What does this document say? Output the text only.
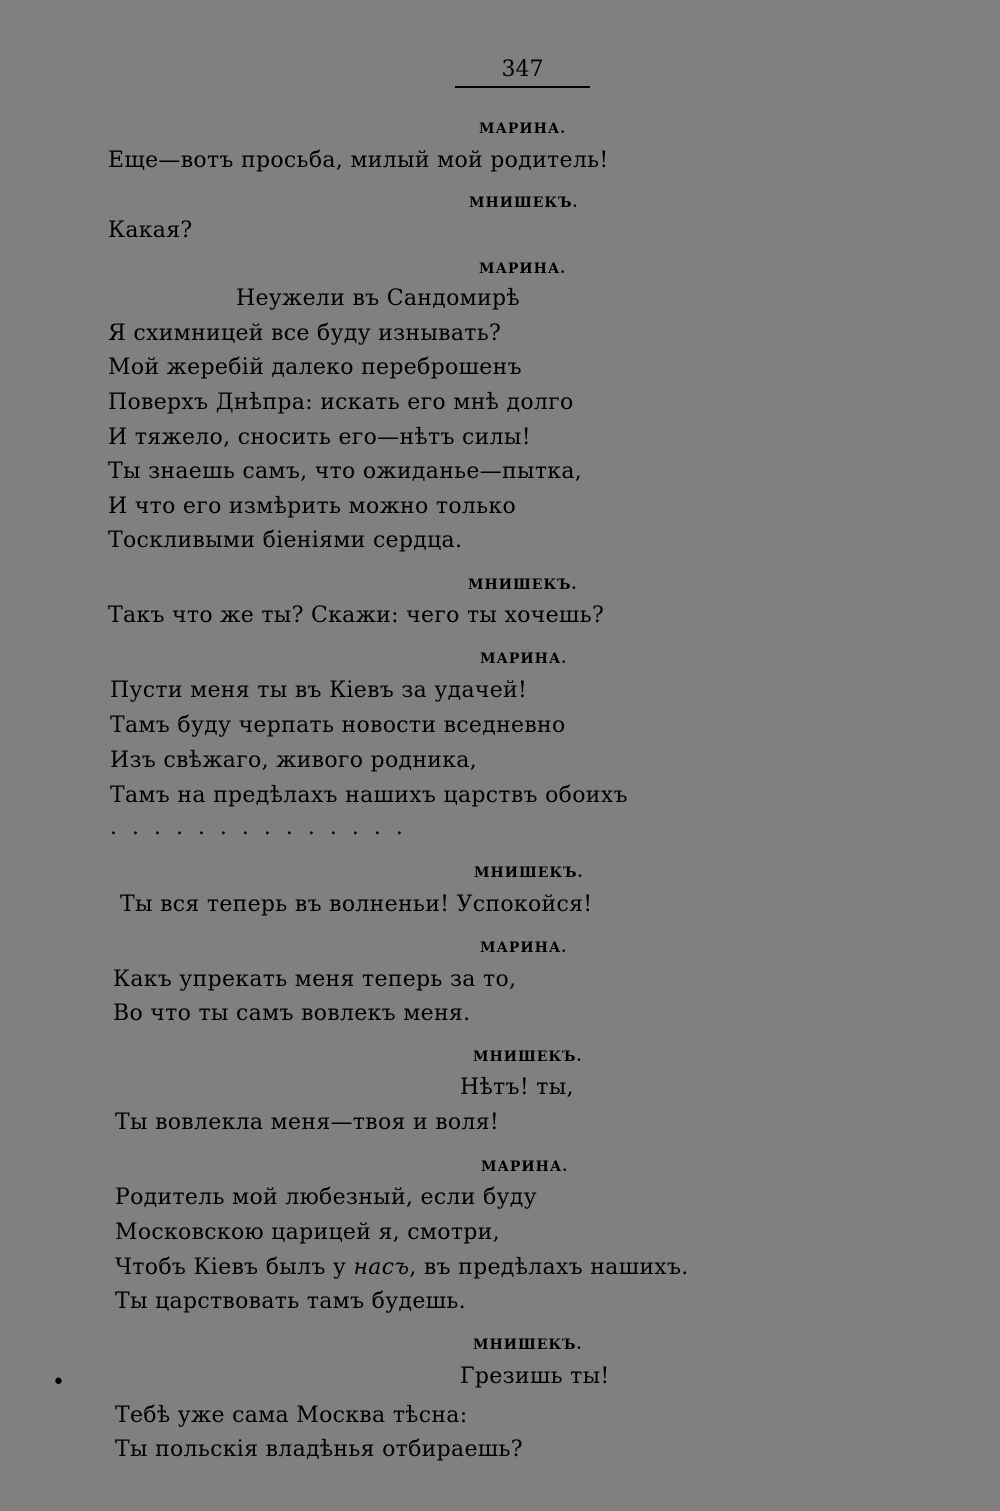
347
МАРИНА.
Еще—вотъ просьба, милый мой родитель!
МНИШЕКЪ.
Какая?
МАРИНА.
Неужели въ Сандомирѣ
Я схимницей все буду изнывать?
Мой жеребій далеко переброшенъ
Поверхъ Днѣпра: искать его мнѣ долго
И тяжело, сносить его—нѣтъ силы!
Ты знаешь самъ, что ожиданье—пытка,
И что его измѣрить можно только
Тоскливыми біеніями сердца.
МНИШЕКЪ.
Такъ что же ты? Скажи: чего ты хочешь?
МАРИНА.
Пусти меня ты въ Кіевъ за удачей!
Тамъ буду черпать новости вседневно
Изъ свѣжаго, живого родника,
Тамъ на предѣлахъ нашихъ царствъ обоихъ
. . . . . . . . . . . . . .
МНИШЕКЪ.
Ты вся теперь въ волненьи! Успокойся!
МАРИНА.
Какъ упрекать меня теперь за то,
Во что ты самъ вовлекъ меня.
МНИШЕКЪ.
Нѣтъ! ты,
Ты вовлекла меня—твоя и воля!
МАРИНА.
Родитель мой любезный, если буду
Московскою царицей я, смотри,
Чтобъ Кіевъ былъ у насъ, въ предѣлахъ нашихъ.
Ты царствовать тамъ будешь.
МНИШЕКЪ.
Грезишь ты!
Тебѣ уже сама Москва тѣсна:
Ты польскія владѣнья отбираешь?
•
